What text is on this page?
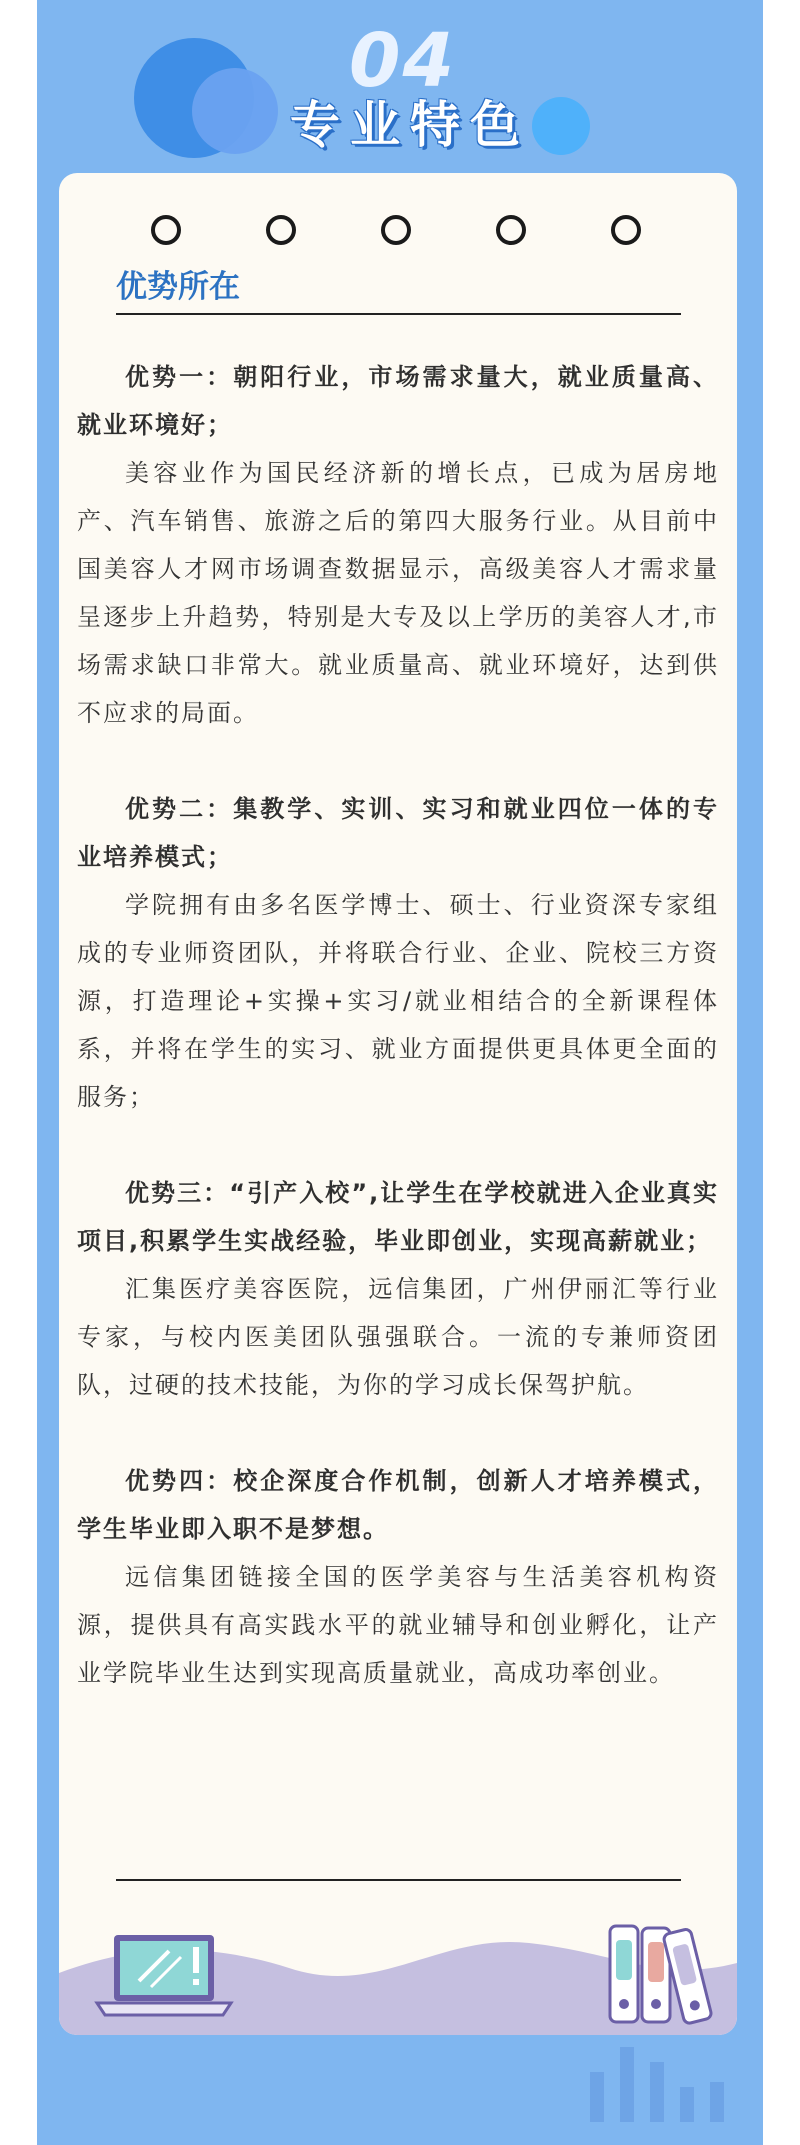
04
专业特色
优势所在

优势一：朝阳行业，市场需求量大，就业质量高、就业环境好；

美容业作为国民经济新的增长点，已成为居房地产、汽车销售、旅游之后的第四大服务行业。从目前中国美容人才网市场调查数据显示，高级美容人才需求量呈逐步上升趋势，特别是大专及以上学历的美容人才,市场需求缺口非常大。就业质量高、就业环境好，达到供不应求的局面。

优势二：集教学、实训、实习和就业四位一体的专业培养模式；

学院拥有由多名医学博士、硕士、行业资深专家组成的专业师资团队，并将联合行业、企业、院校三方资源，打造理论+实操+实习/就业相结合的全新课程体系，并将在学生的实习、就业方面提供更具体更全面的服务；

优势三：“引产入校”,让学生在学校就进入企业真实项目,积累学生实战经验，毕业即创业，实现高薪就业；

汇集医疗美容医院，远信集团，广州伊丽汇等行业专家，与校内医美团队强强联合。一流的专兼师资团队，过硬的技术技能，为你的学习成长保驾护航。

优势四：校企深度合作机制，创新人才培养模式，学生毕业即入职不是梦想。

远信集团链接全国的医学美容与生活美容机构资源，提供具有高实践水平的就业辅导和创业孵化，让产业学院毕业生达到实现高质量就业，高成功率创业。
